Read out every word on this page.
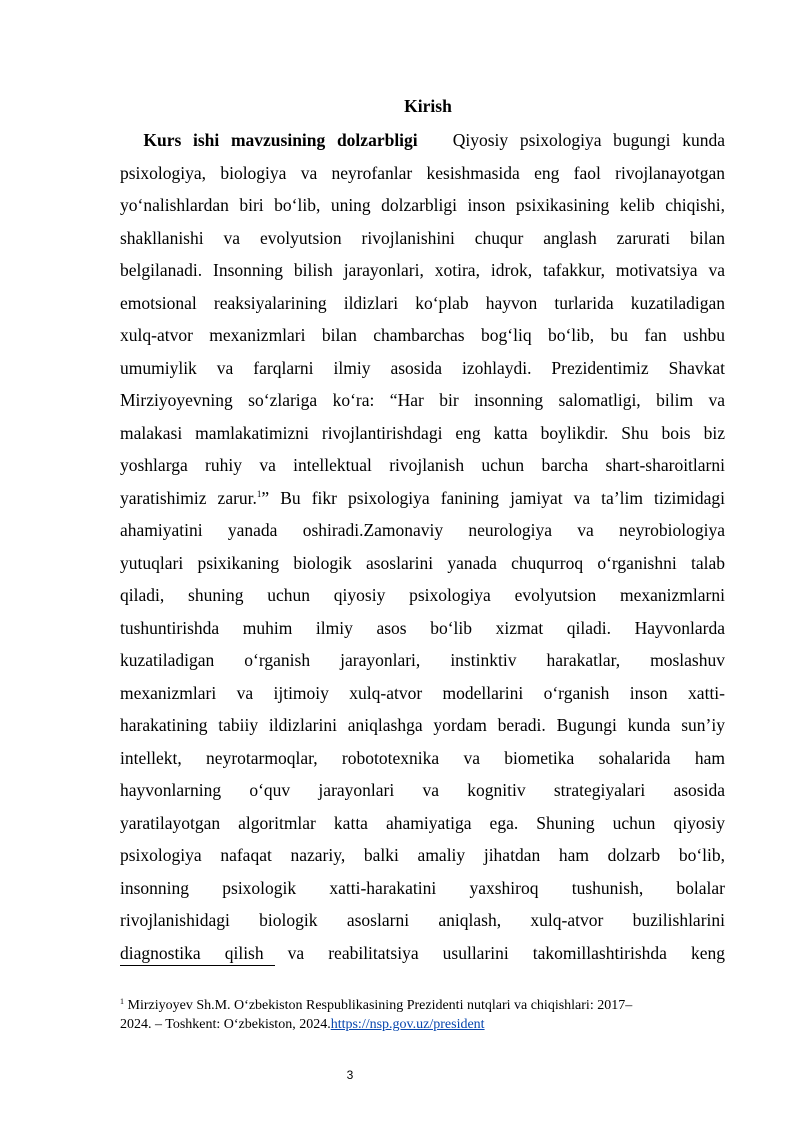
Kirish
Kurs ishi mavzusining dolzarbligi Qiyosiy psixologiya bugungi kunda
psixologiya, biologiya va neyrofanlar kesishmasida eng faol rivojlanayotgan
yo‘nalishlardan biri bo‘lib, uning dolzarbligi inson psixikasining kelib chiqishi,
shakllanishi va evolyutsion rivojlanishini chuqur anglash zarurati bilan
belgilanadi. Insonning bilish jarayonlari, xotira, idrok, tafakkur, motivatsiya va
emotsional reaksiyalarining ildizlari ko‘plab hayvon turlarida kuzatiladigan
xulq-atvor mexanizmlari bilan chambarchas bog‘liq bo‘lib, bu fan ushbu
umumiylik va farqlarni ilmiy asosida izohlaydi. Prezidentimiz Shavkat
Mirziyoyevning so‘zlariga ko‘ra: “Har bir insonning salomatligi, bilim va
malakasi mamlakatimizni rivojlantirishdagi eng katta boylikdir. Shu bois biz
yoshlarga ruhiy va intellektual rivojlanish uchun barcha shart-sharoitlarni
yaratishimiz zarur.$^1$” Bu fikr psixologiya fanining jamiyat va ta’lim tizimidagi
ahamiyatini yanada oshiradi.Zamonaviy neurologiya va neyrobiologiya
yutuqlari psixikaning biologik asoslarini yanada chuqurroq o‘rganishni talab
qiladi, shuning uchun qiyosiy psixologiya evolyutsion mexanizmlarni
tushuntirishda muhim ilmiy asos bo‘lib xizmat qiladi. Hayvonlarda
kuzatiladigan o‘rganish jarayonlari, instinktiv harakatlar, moslashuv
mexanizmlari va ijtimoiy xulq-atvor modellarini o‘rganish inson xatti-
harakatining tabiiy ildizlarini aniqlashga yordam beradi. Bugungi kunda sun’iy
intellekt, neyrotarmoqlar, robototexnika va biometika sohalarida ham
hayvonlarning o‘quv jarayonlari va kognitiv strategiyalari asosida
yaratilayotgan algoritmlar katta ahamiyatiga ega. Shuning uchun qiyosiy
psixologiya nafaqat nazariy, balki amaliy jihatdan ham dolzarb bo‘lib,
insonning psixologik xatti-harakatini yaxshiroq tushunish, bolalar
rivojlanishidagi biologik asoslarni aniqlash, xulq-atvor buzilishlarini
diagnostika qilish va reabilitatsiya usullarini takomillashtirishda keng
$^1$ Mirziyoyev Sh.M. O‘zbekiston Respublikasining Prezidenti nutqlari va chiqishlari: 2017–
2024. – Toshkent: O‘zbekiston, 2024.https://nsp.gov.uz/president
3
